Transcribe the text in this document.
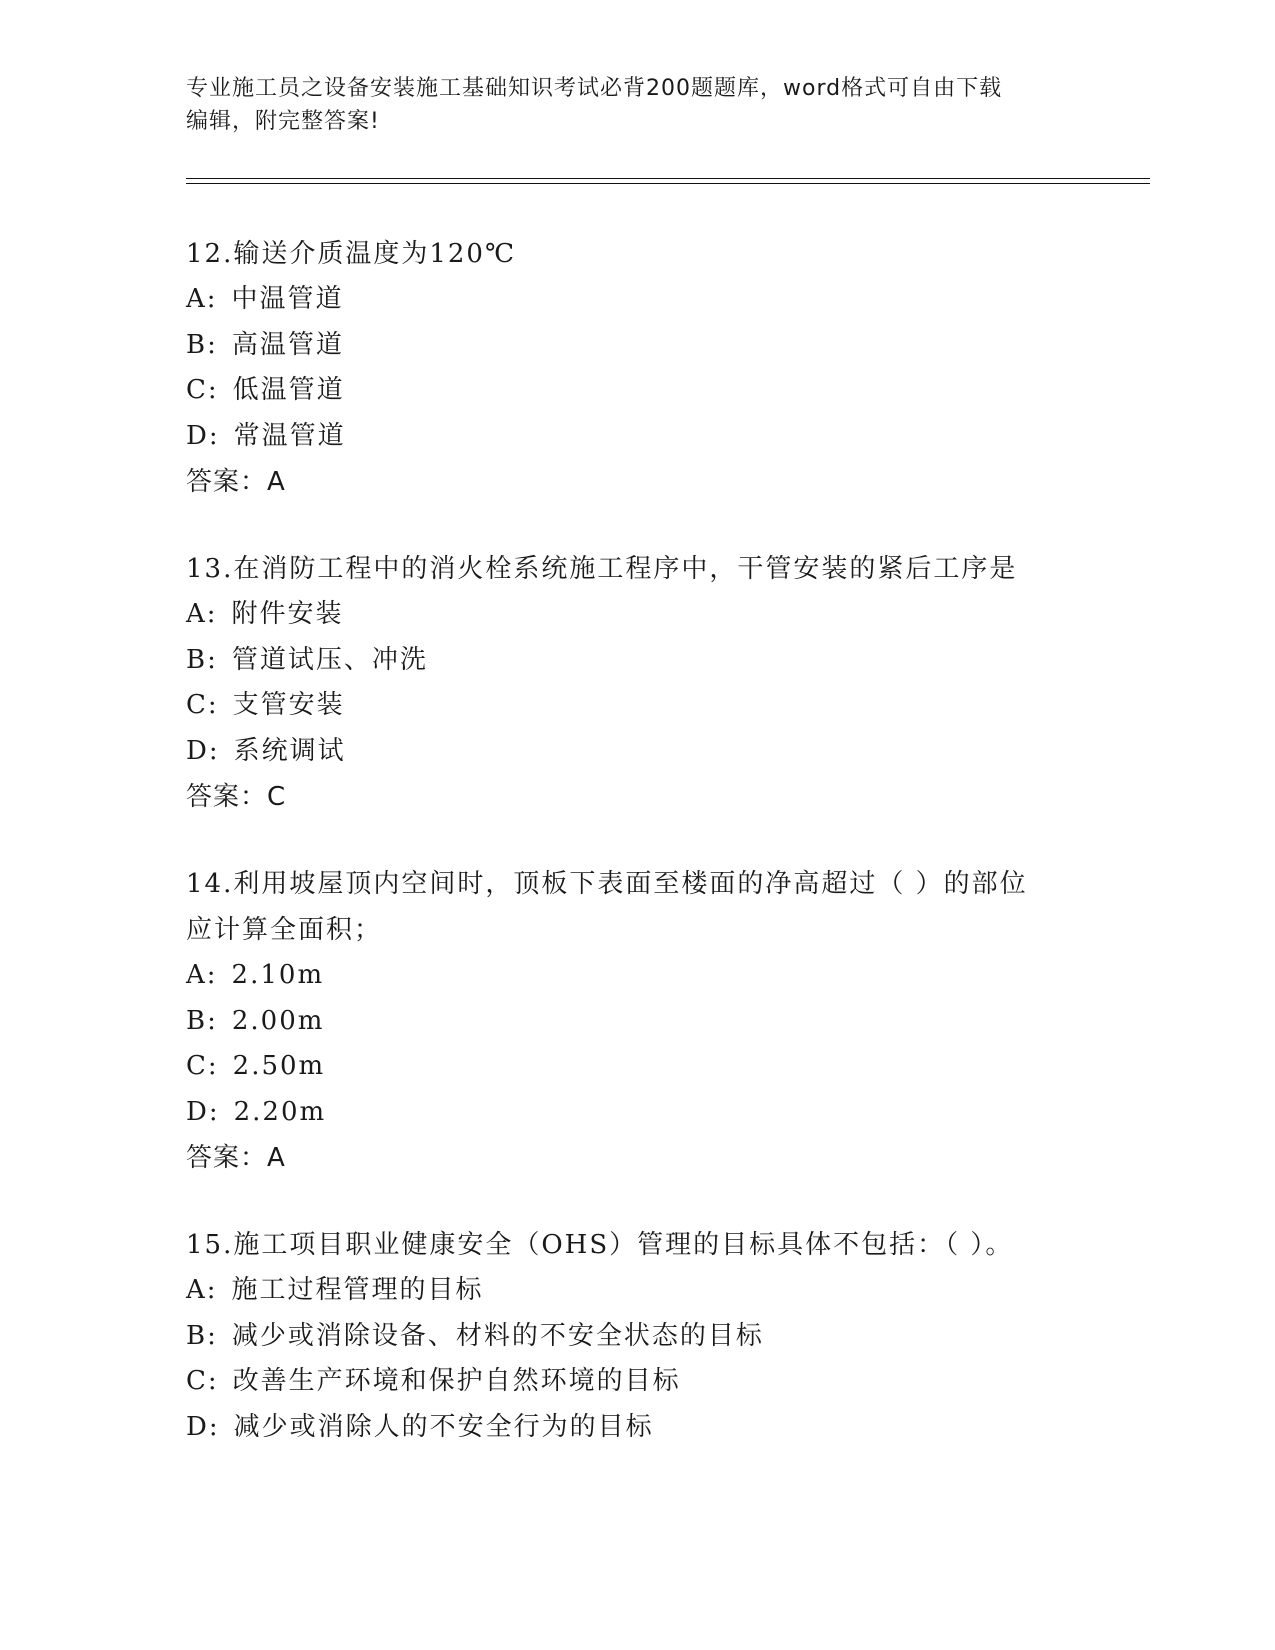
专业施工员之设备安装施工基础知识考试必背200题题库，word格式可自由下载
编辑，附完整答案!
12.输送介质温度为120℃
A: 中温管道
B: 高温管道
C: 低温管道
D: 常温管道
答案：A
13.在消防工程中的消火栓系统施工程序中，干管安装的紧后工序是
A: 附件安装
B: 管道试压、冲洗
C: 支管安装
D: 系统调试
答案：C
14.利用坡屋顶内空间时，顶板下表面至楼面的净高超过（ ）的部位
应计算全面积；
A: 2.10m
B: 2.00m
C: 2.50m
D: 2.20m
答案：A
15.施工项目职业健康安全（OHS）管理的目标具体不包括：（ ）。
A: 施工过程管理的目标
B: 减少或消除设备、材料的不安全状态的目标
C: 改善生产环境和保护自然环境的目标
D: 减少或消除人的不安全行为的目标
